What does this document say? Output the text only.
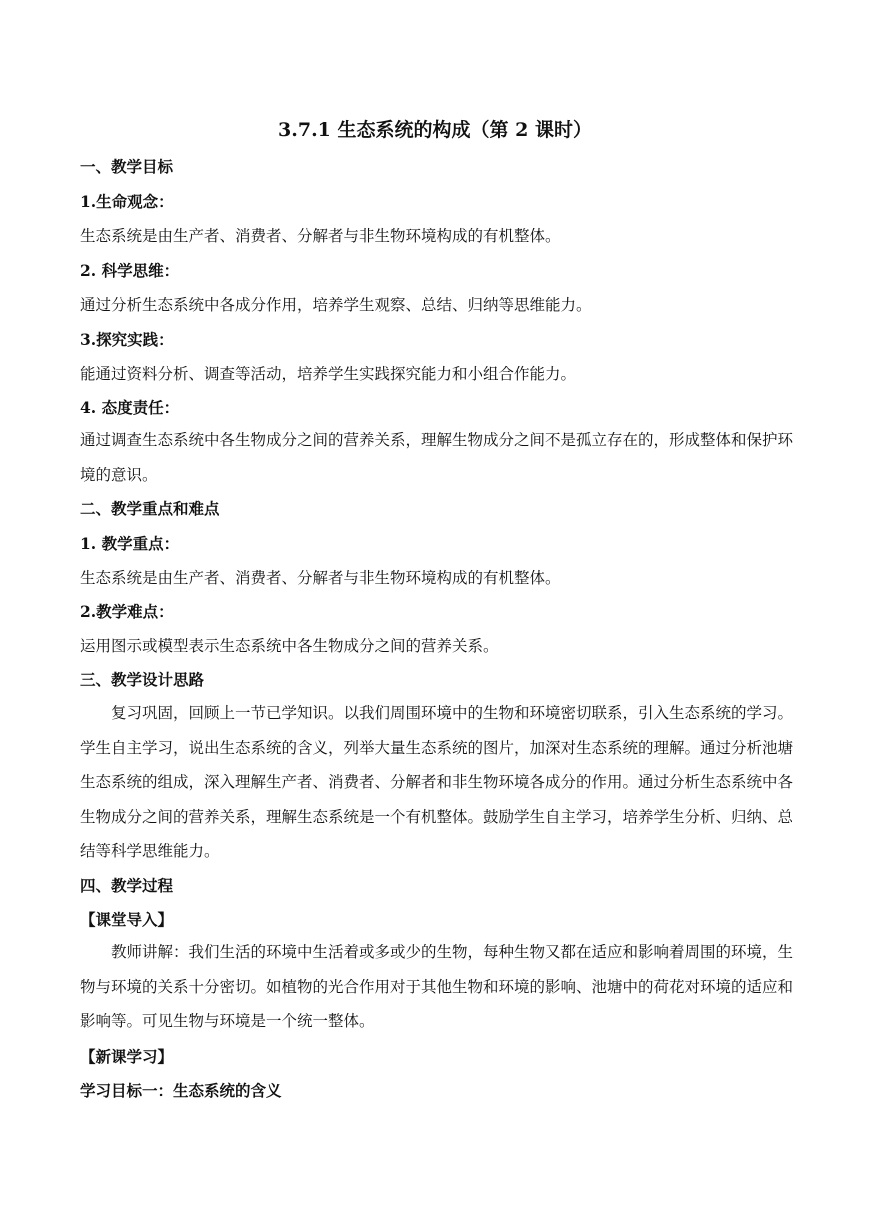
3.7.1 生态系统的构成（第 2 课时）
一、教学目标
1.生命观念：
生态系统是由生产者、消费者、分解者与非生物环境构成的有机整体。
2. 科学思维：
通过分析生态系统中各成分作用，培养学生观察、总结、归纳等思维能力。
3.探究实践：
能通过资料分析、调查等活动，培养学生实践探究能力和小组合作能力。
4. 态度责任：
通过调查生态系统中各生物成分之间的营养关系，理解生物成分之间不是孤立存在的，形成整体和保护环境的意识。
二、教学重点和难点
1. 教学重点：
生态系统是由生产者、消费者、分解者与非生物环境构成的有机整体。
2.教学难点：
运用图示或模型表示生态系统中各生物成分之间的营养关系。
三、教学设计思路
复习巩固，回顾上一节已学知识。以我们周围环境中的生物和环境密切联系，引入生态系统的学习。学生自主学习，说出生态系统的含义，列举大量生态系统的图片，加深对生态系统的理解。通过分析池塘生态系统的组成，深入理解生产者、消费者、分解者和非生物环境各成分的作用。通过分析生态系统中各生物成分之间的营养关系，理解生态系统是一个有机整体。鼓励学生自主学习，培养学生分析、归纳、总结等科学思维能力。
四、教学过程
【课堂导入】
教师讲解：我们生活的环境中生活着或多或少的生物，每种生物又都在适应和影响着周围的环境，生物与环境的关系十分密切。如植物的光合作用对于其他生物和环境的影响、池塘中的荷花对环境的适应和影响等。可见生物与环境是一个统一整体。
【新课学习】
学习目标一：生态系统的含义
